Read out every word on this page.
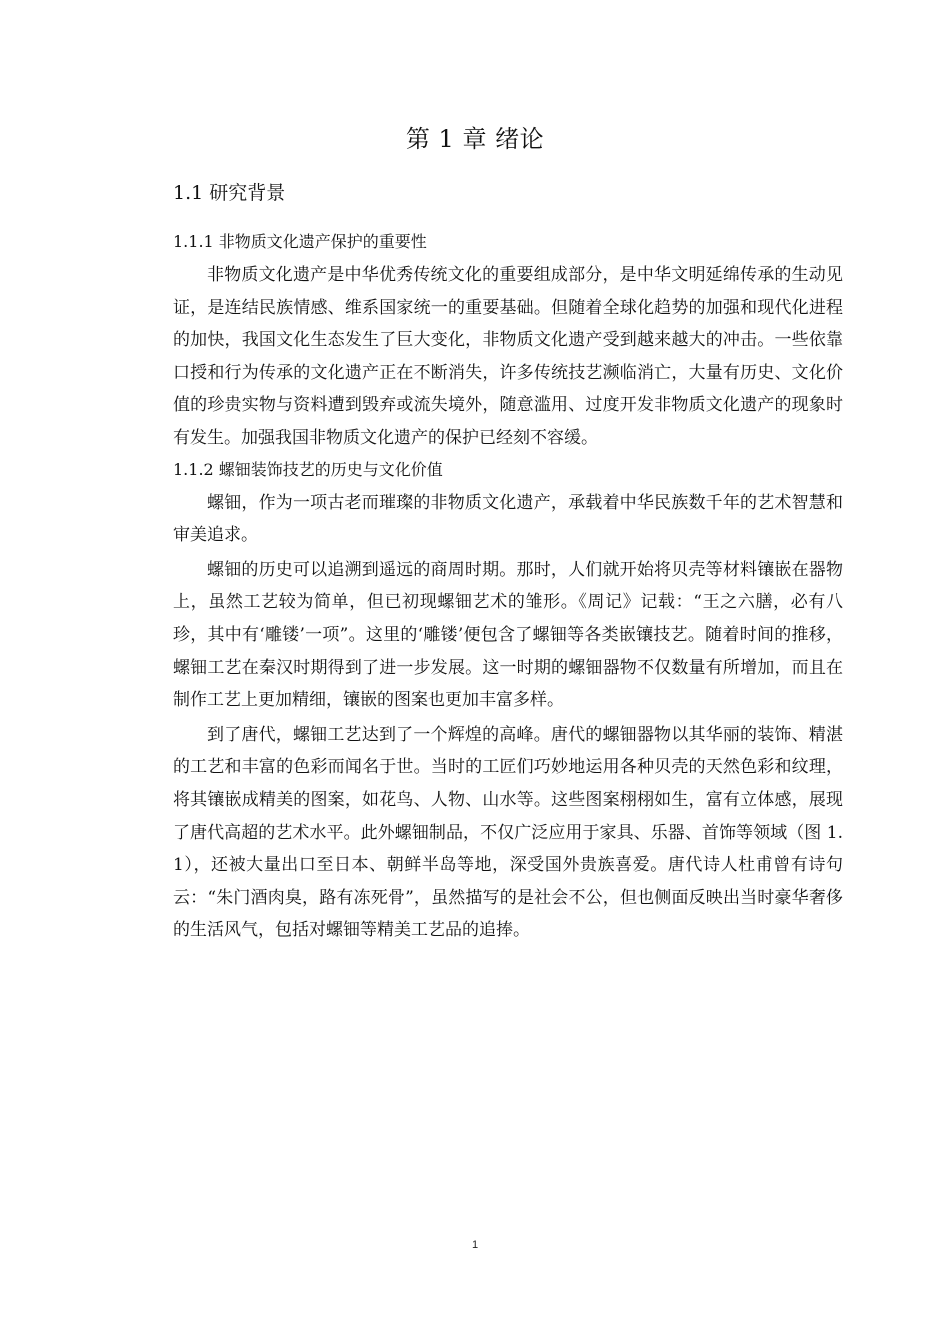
第 1 章 绪论
1.1 研究背景
1.1.1 非物质文化遗产保护的重要性

非物质文化遗产是中华优秀传统文化的重要组成部分，是中华文明延绵传承的生动见证，是连结民族情感、维系国家统一的重要基础。但随着全球化趋势的加强和现代化进程的加快，我国文化生态发生了巨大变化，非物质文化遗产受到越来越大的冲击。一些依靠口授和行为传承的文化遗产正在不断消失，许多传统技艺濒临消亡，大量有历史、文化价值的珍贵实物与资料遭到毁弃或流失境外，随意滥用、过度开发非物质文化遗产的现象时有发生。加强我国非物质文化遗产的保护已经刻不容缓。

1.1.2 螺钿装饰技艺的历史与文化价值

螺钿，作为一项古老而璀璨的非物质文化遗产，承载着中华民族数千年的艺术智慧和审美追求。

螺钿的历史可以追溯到遥远的商周时期。那时，人们就开始将贝壳等材料镶嵌在器物上，虽然工艺较为简单，但已初现螺钿艺术的雏形。《周记》记载：“王之六膳，必有八珍，其中有‘雕镂’一项”。这里的‘雕镂’便包含了螺钿等各类嵌镶技艺。随着时间的推移，螺钿工艺在秦汉时期得到了进一步发展。这一时期的螺钿器物不仅数量有所增加，而且在制作工艺上更加精细，镶嵌的图案也更加丰富多样。

到了唐代，螺钿工艺达到了一个辉煌的高峰。唐代的螺钿器物以其华丽的装饰、精湛的工艺和丰富的色彩而闻名于世。当时的工匠们巧妙地运用各种贝壳的天然色彩和纹理，将其镶嵌成精美的图案，如花鸟、人物、山水等。这些图案栩栩如生，富有立体感，展现了唐代高超的艺术水平。此外螺钿制品，不仅广泛应用于家具、乐器、首饰等领域（图 1.1），还被大量出口至日本、朝鲜半岛等地，深受国外贵族喜爱。唐代诗人杜甫曾有诗句云：“朱门酒肉臭，路有冻死骨”，虽然描写的是社会不公，但也侧面反映出当时豪华奢侈的生活风气，包括对螺钿等精美工艺品的追捧。

1
